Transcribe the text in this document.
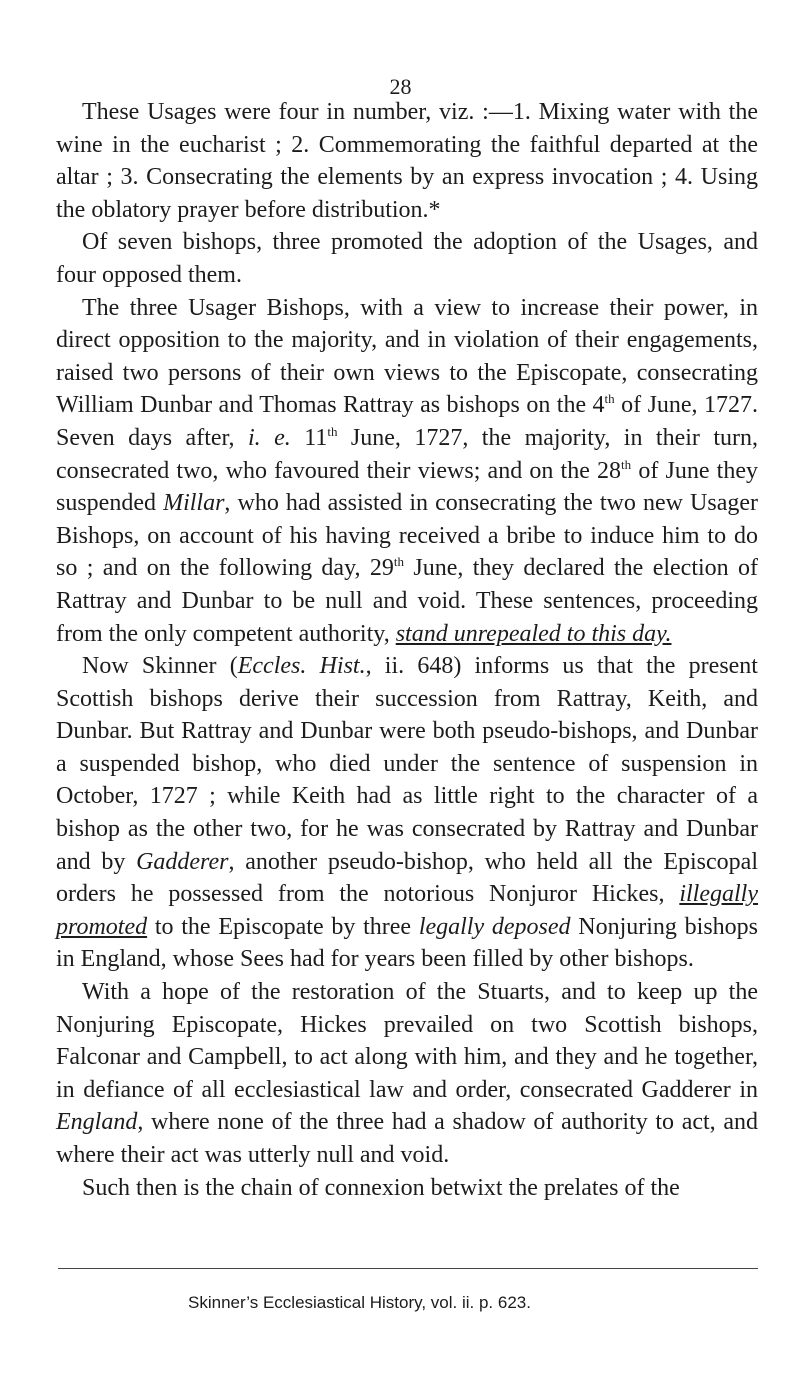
28

These Usages were four in number, viz. :—1. Mixing water with the wine in the eucharist ; 2. Commemorating the faithful departed at the altar ; 3. Consecrating the elements by an express invocation ; 4. Using the oblatory prayer before distribution.*

Of seven bishops, three promoted the adoption of the Usages, and four opposed them.

The three Usager Bishops, with a view to increase their power, in direct opposition to the majority, and in violation of their engagements, raised two persons of their own views to the Episcopate, consecrating William Dunbar and Thomas Rattray as bishops on the 4th of June, 1727. Seven days after, i. e. 11th June, 1727, the majority, in their turn, consecrated two, who favoured their views; and on the 28th of June they suspended Millar, who had assisted in consecrating the two new Usager Bishops, on account of his having received a bribe to induce him to do so ; and on the following day, 29th June, they declared the election of Rattray and Dunbar to be null and void. These sentences, proceeding from the only competent authority, stand unrepealed to this day.

Now Skinner (Eccles. Hist., ii. 648) informs us that the present Scottish bishops derive their succession from Rattray, Keith, and Dunbar. But Rattray and Dunbar were both pseudo-bishops, and Dunbar a suspended bishop, who died under the sentence of suspension in October, 1727 ; while Keith had as little right to the character of a bishop as the other two, for he was consecrated by Rattray and Dunbar and by Gadderer, another pseudo-bishop, who held all the Episcopal orders he possessed from the notorious Nonjuror Hickes, illegally promoted to the Episcopate by three legally deposed Nonjuring bishops in England, whose Sees had for years been filled by other bishops.

With a hope of the restoration of the Stuarts, and to keep up the Nonjuring Episcopate, Hickes prevailed on two Scottish bishops, Falconar and Campbell, to act along with him, and they and he together, in defiance of all ecclesiastical law and order, consecrated Gadderer in England, where none of the three had a shadow of authority to act, and where their act was utterly null and void.

Such then is the chain of connexion betwixt the prelates of the

Skinner’s Ecclesiastical History, vol. ii. p. 623.
